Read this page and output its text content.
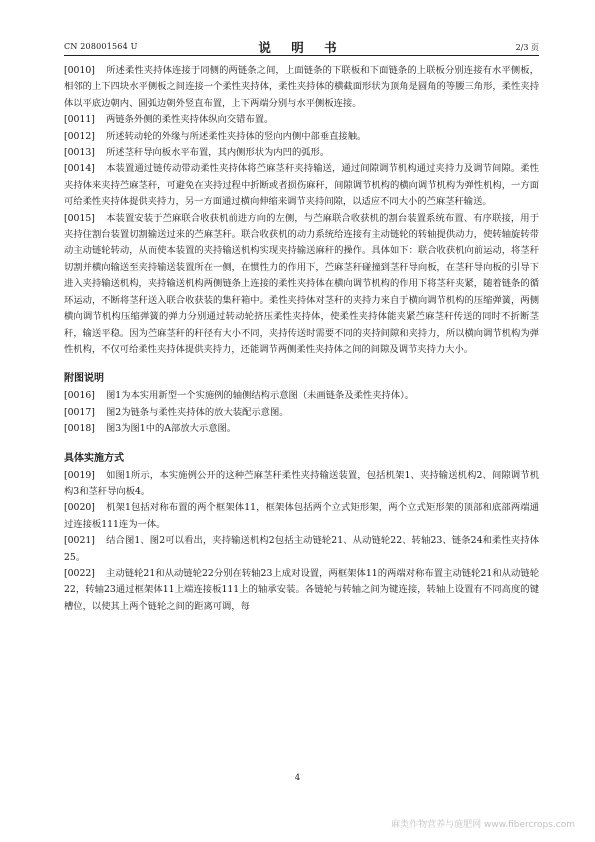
CN 208001564 U	说 明 书	2/3 页
[0010] 所述柔性夹持体连接于同侧的两链条之间，上面链条的下联板和下面链条的上联板分别连接有水平侧板，相邻的上下四块水平侧板之间连接一个柔性夹持体，柔性夹持体的横截面形状为顶角是圆角的等腰三角形，柔性夹持体以平底边朝内、圆弧边朝外竖直布置，上下两端分别与水平侧板连接。
[0011] 两链条外侧的柔性夹持体纵向交错布置。
[0012] 所述转动轮的外缘与所述柔性夹持体的竖向内侧中部垂直接触。
[0013] 所述茎秆导向板水平布置，其内侧形状为内凹的弧形。
[0014] 本装置通过链传动带动柔性夹持体将苎麻茎秆夹持输送，通过间隙调节机构通过夹持力及调节间隙。柔性夹持体来夹持苎麻茎秆，可避免在夹持过程中折断或者损伤麻秆，间隙调节机构的横向调节机构为弹性机构，一方面可给柔性夹持体提供夹持力，另一方面通过横向伸缩来调节夹持间隙，以适应不同大小的苎麻茎秆输送。
[0015] 本装置安装于苎麻联合收获机前进方向的左侧，与苎麻联合收获机的割台装置系统布置、有序联接，用于夹持住割台装置切割输送过来的苎麻茎秆。联合收获机的动力系统给连接有主动链轮的转轴提供动力，使转轴旋转带动主动链轮转动，从而使本装置的夹持输送机构实现夹持输送麻秆的操作。具体如下：联合收获机向前运动，将茎秆切割并横向输送至夹持输送装置所在一侧，在惯性力的作用下，苎麻茎秆碰撞到茎秆导向板，在茎秆导向板的引导下进入夹持输送机构，夹持输送机构两侧链条上连接的柔性夹持体在横向调节机构的作用下将茎秆夹紧，随着链条的循环运动，不断将茎秆送入联合收获装的集秆箱中。柔性夹持体对茎秆的夹持力来自于横向调节机构的压缩弹簧，两侧横向调节机构压缩弹簧的弹力分别通过转动轮挤压柔性夹持体，使柔性夹持体能夹紧苎麻茎秆传送的同时不折断茎秆，输送平稳。因为苎麻茎秆的秆径有大小不同，夹持传送时需要不同的夹持间隙和夹持力，所以横向调节机构为弹性机构，不仅可给柔性夹持体提供夹持力，还能调节两侧柔性夹持体之间的间隙及调节夹持力大小。
附图说明
[0016] 图1为本实用新型一个实施例的轴侧结构示意图（未画链条及柔性夹持体）。
[0017] 图2为链条与柔性夹持体的放大装配示意图。
[0018] 图3为图1中的A部放大示意图。
具体实施方式
[0019] 如图1所示，本实施例公开的这种苎麻茎秆柔性夹持输送装置，包括机架1、夹持输送机构2、间隙调节机构3和茎秆导向板4。
[0020] 机架1包括对称布置的两个框架体11，框架体包括两个立式矩形架，两个立式矩形架的顶部和底部两端通过连接板111连为一体。
[0021] 结合图1、图2可以看出，夹持输送机构2包括主动链轮21、从动链轮22、转轴23、链条24和柔性夹持体25。
[0022] 主动链轮21和从动链轮22分别在转轴23上成对设置，两框架体11的两端对称布置主动链轮21和从动链轮22，转轴23通过框架体11上端连接板111上的轴承安装。各链轮与转轴之间为键连接，转轴上设置有不同高度的键槽位，以使其上两个链轮之间的距离可调，每
4
麻类作物营养与施肥网 www.fibercrops.com
